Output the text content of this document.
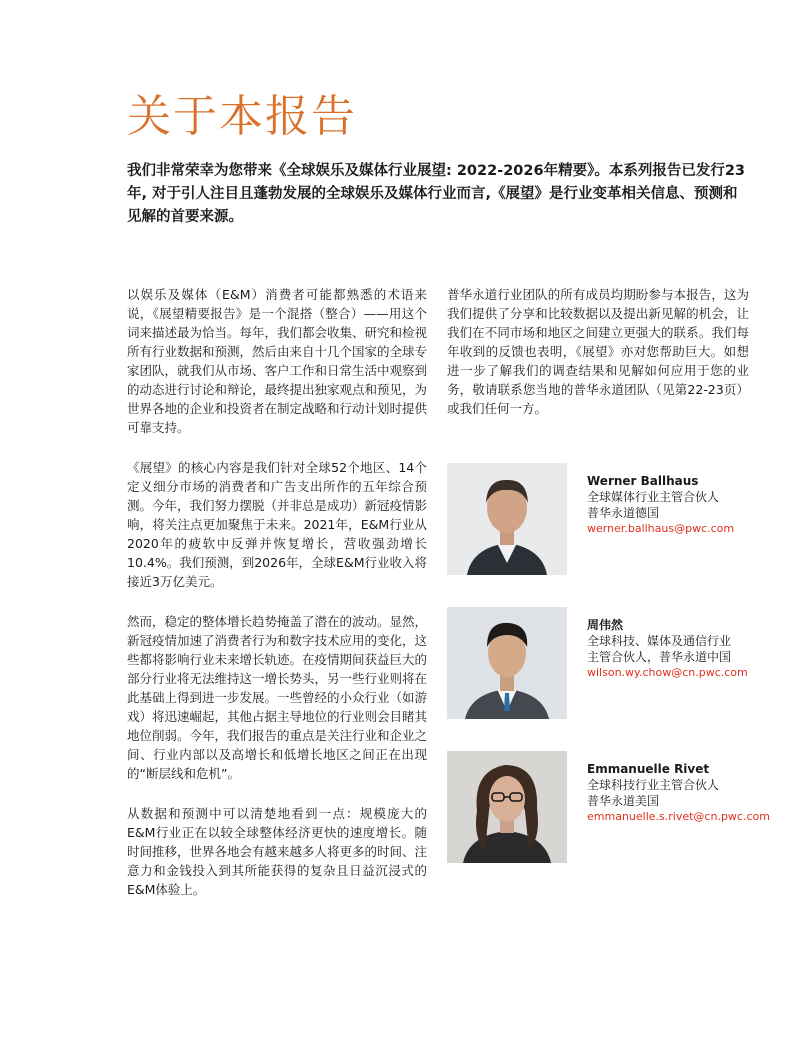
关于本报告

我们非常荣幸为您带来《全球娱乐及媒体行业展望: 2022-2026年精要》。本系列报告已发行23年, 对于引人注目且蓬勃发展的全球娱乐及媒体行业而言,《展望》是行业变革相关信息、预测和见解的首要来源。

以娱乐及媒体（E&M）消费者可能都熟悉的术语来说，《展望精要报告》是一个混搭（整合）——用这个词来描述最为恰当。每年，我们都会收集、研究和检视所有行业数据和预测，然后由来自十几个国家的全球专家团队，就我们从市场、客户工作和日常生活中观察到的动态进行讨论和辩论，最终提出独家观点和预见，为世界各地的企业和投资者在制定战略和行动计划时提供可靠支持。

《展望》的核心内容是我们针对全球52个地区、14个定义细分市场的消费者和广告支出所作的五年综合预测。今年，我们努力摆脱（并非总是成功）新冠疫情影响，将关注点更加聚焦于未来。2021年，E&M行业从2020年的疲软中反弹并恢复增长，营收强劲增长10.4%。我们预测，到2026年，全球E&M行业收入将接近3万亿美元。

然而，稳定的整体增长趋势掩盖了潜在的波动。显然，新冠疫情加速了消费者行为和数字技术应用的变化，这些都将影响行业未来增长轨迹。在疫情期间获益巨大的部分行业将无法维持这一增长势头，另一些行业则将在此基础上得到进一步发展。一些曾经的小众行业（如游戏）将迅速崛起，其他占据主导地位的行业则会目睹其地位削弱。今年，我们报告的重点是关注行业和企业之间、行业内部以及高增长和低增长地区之间正在出现的“断层线和危机”。

从数据和预测中可以清楚地看到一点：规模庞大的E&M行业正在以较全球整体经济更快的速度增长。随时间推移，世界各地会有越来越多人将更多的时间、注意力和金钱投入到其所能获得的复杂且日益沉浸式的E&M体验上。

普华永道行业团队的所有成员均期盼参与本报告，这为我们提供了分享和比较数据以及提出新见解的机会，让我们在不同市场和地区之间建立更强大的联系。我们每年收到的反馈也表明，《展望》亦对您帮助巨大。如想进一步了解我们的调查结果和见解如何应用于您的业务，敬请联系您当地的普华永道团队（见第22-23页）或我们任何一方。

Werner Ballhaus

全球媒体行业主管合伙人

普华永道德国

werner.ballhaus@pwc.com

周伟然

全球科技、媒体及通信行业

主管合伙人，普华永道中国

wilson.wy.chow@cn.pwc.com

Emmanuelle Rivet

全球科技行业主管合伙人

普华永道美国

emmanuelle.s.rivet@cn.pwc.com
